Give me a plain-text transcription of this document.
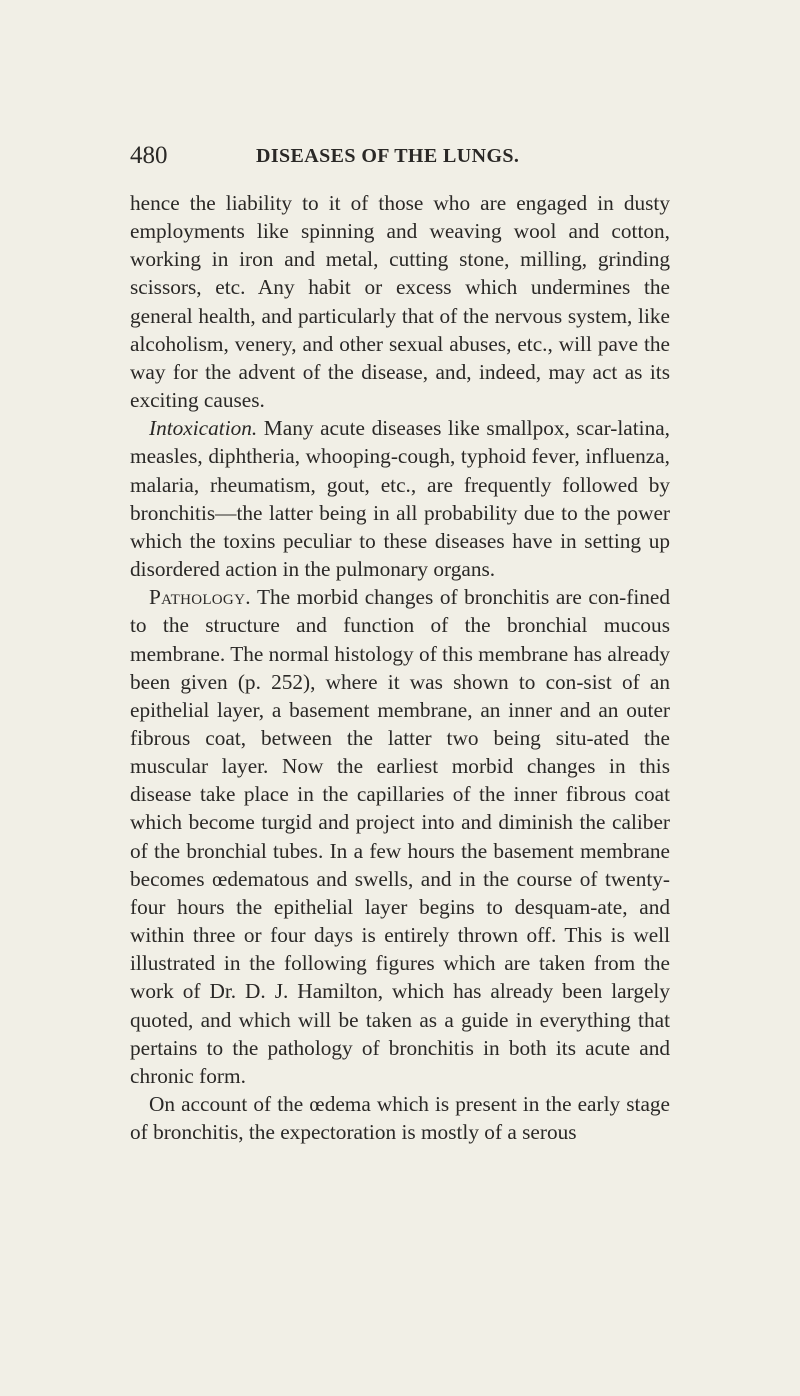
480	DISEASES OF THE LUNGS.

hence the liability to it of those who are engaged in dusty employments like spinning and weaving wool and cotton, working in iron and metal, cutting stone, milling, grinding scissors, etc. Any habit or excess which undermines the general health, and particularly that of the nervous system, like alcoholism, venery, and other sexual abuses, etc., will pave the way for the advent of the disease, and, indeed, may act as its exciting causes.

Intoxication. Many acute diseases like smallpox, scar-latina, measles, diphtheria, whooping-cough, typhoid fever, influenza, malaria, rheumatism, gout, etc., are frequently followed by bronchitis—the latter being in all probability due to the power which the toxins peculiar to these diseases have in setting up disordered action in the pulmonary organs.

Pathology. The morbid changes of bronchitis are con-fined to the structure and function of the bronchial mucous membrane. The normal histology of this membrane has already been given (p. 252), where it was shown to con-sist of an epithelial layer, a basement membrane, an inner and an outer fibrous coat, between the latter two being situ-ated the muscular layer. Now the earliest morbid changes in this disease take place in the capillaries of the inner fibrous coat which become turgid and project into and diminish the caliber of the bronchial tubes. In a few hours the basement membrane becomes œdematous and swells, and in the course of twenty-four hours the epithelial layer begins to desquam-ate, and within three or four days is entirely thrown off. This is well illustrated in the following figures which are taken from the work of Dr. D. J. Hamilton, which has already been largely quoted, and which will be taken as a guide in everything that pertains to the pathology of bronchitis in both its acute and chronic form.

On account of the œdema which is present in the early stage of bronchitis, the expectoration is mostly of a serous
